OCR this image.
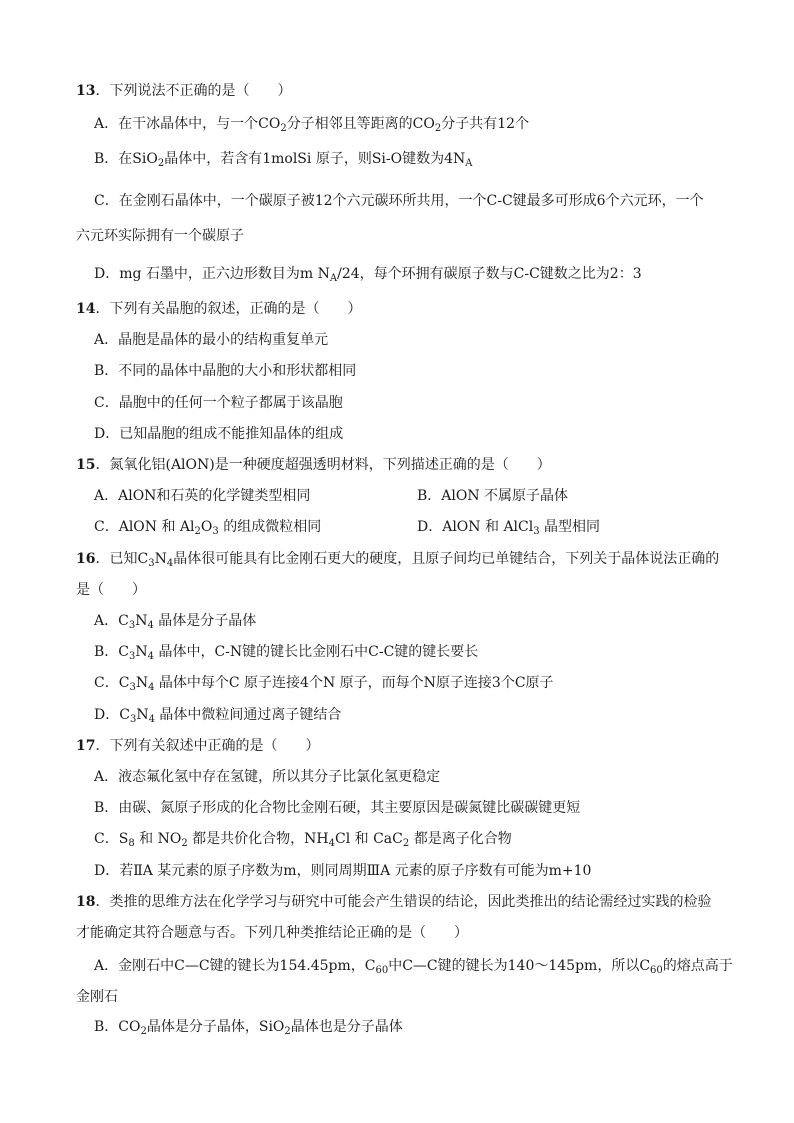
13．下列说法不正确的是（　　）
A．在干冰晶体中，与一个$CO_2$分子相邻且等距离的$CO_2$分子共有12个
B．在SiO$_2$晶体中，若含有1molSi 原子，则Si-O键数为$4N_A$
C．在金刚石晶体中，一个碳原子被12个六元碳环所共用，一个C-C键最多可形成6个六元环，一个
六元环实际拥有一个碳原子
D．mg 石墨中，正六边形数目为m $N_A/24$，每个环拥有碳原子数与C-C键数之比为2：3
14．下列有关晶胞的叙述，正确的是（　　）
A．晶胞是晶体的最小的结构重复单元
B．不同的晶体中晶胞的大小和形状都相同
C．晶胞中的任何一个粒子都属于该晶胞
D．已知晶胞的组成不能推知晶体的组成
15．氮氧化铝(AlON)是一种硬度超强透明材料，下列描述正确的是（　　）
A．AlON和石英的化学键类型相同	B．AlON 不属原子晶体
C．AlON 和 $Al_2O_3$ 的组成微粒相同	D．AlON 和 AlCl$_3$ 晶型相同
16．已知$C_3N_4$晶体很可能具有比金刚石更大的硬度，且原子间均已单键结合，下列关于晶体说法正确的
是（　　）
A．$C_3N_4$ 晶体是分子晶体
B．$C_3N_4$ 晶体中，C-N键的键长比金刚石中C-C键的键长要长
C．$C_3N_4$ 晶体中每个C 原子连接4个N 原子，而每个N原子连接3个C原子
D．$C_3N_4$ 晶体中微粒间通过离子键结合
17．下列有关叙述中正确的是（　　）
A．液态氟化氢中存在氢键，所以其分子比氯化氢更稳定
B．由碳、氮原子形成的化合物比金刚石硬，其主要原因是碳氮键比碳碳键更短
C．$S_8$ 和 $NO_2$ 都是共价化合物，$NH_4Cl$ 和 CaC$_2$ 都是离子化合物
D．若ⅡA 某元素的原子序数为m，则同周期ⅢA 元素的原子序数有可能为m+10
18．类推的思维方法在化学学习与研究中可能会产生错误的结论，因此类推出的结论需经过实践的检验
才能确定其符合题意与否。下列几种类推结论正确的是（　　）
A．金刚石中C—C键的键长为154.45pm，$C_{60}$中C—C键的键长为140～145pm，所以$C_{60}$的熔点高于
金刚石
B．$CO_2$晶体是分子晶体，SiO$_2$晶体也是分子晶体
